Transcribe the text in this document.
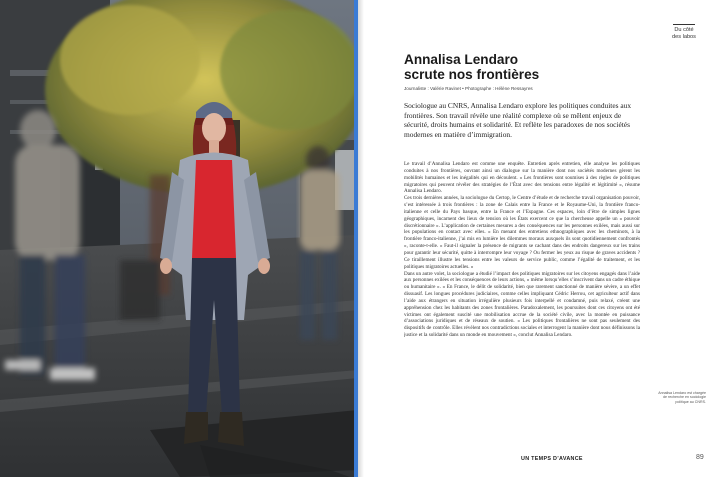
Du côté
des labos
Annalisa Lendaro
scrute nos frontières
Journaliste : Valérie Ravinet • Photographe : Hélène Ressayres

Sociologue au CNRS, Annalisa Lendaro explore les politiques conduites aux frontières. Son travail révèle une réalité complexe où se mêlent enjeux de sécurité, droits humains et solidarité. Et reflète les paradoxes de nos sociétés modernes en matière d’immigration.

Le travail d’Annalisa Lendaro est comme une enquête. Entretien après entretien, elle analyse les politiques conduites à nos frontières, ouvrant ainsi un dialogue sur la manière dont nos sociétés modernes gèrent les mobilités humaines et les inégalités qui en découlent. « Les frontières sont soumises à des règles de politiques migratoires qui peuvent révéler des stratégies de l’État avec des tensions entre légalité et légitimité », résume Annalisa Lendaro.

Ces trois dernières années, la sociologue du Certop, le Centre d’étude et de recherche travail organisation pouvoir, s’est intéressée à trois frontières : la zone de Calais entre la France et le Royaume-Uni, la frontière franco-italienne et celle du Pays basque, entre la France et l’Espagne. Ces espaces, loin d’être de simples lignes géographiques, incarnent des lieux de tension où les États exercent ce que la chercheuse appelle un « pouvoir discrétionnaire ». L’application de certaines mesures a des conséquences sur les personnes exilées, mais aussi sur les populations en contact avec elles. « En menant des entretiens ethnographiques avec les cheminots, à la frontière franco-italienne, j’ai mis en lumière les dilemmes moraux auxquels ils sont quotidiennement confrontés », raconte-t-elle. « Faut-il signaler la présence de migrants se cachant dans des endroits dangereux sur les trains pour garantir leur sécurité, quitte à interrompre leur voyage ? Ou fermer les yeux au risque de graves accidents ? Ce tiraillement illustre les tensions entre les valeurs de service public, comme l’égalité de traitement, et les politiques migratoires actuelles. »

Dans un autre volet, la sociologue a étudié l’impact des politiques migratoires sur les citoyens engagés dans l’aide aux personnes exilées et les conséquences de leurs actions, « même lorsqu’elles s’inscrivent dans un cadre éthique ou humanitaire ». « En France, le délit de solidarité, bien que rarement sanctionné de manière sévère, a un effet dissuasif. Les longues procédures judiciaires, comme celles impliquant Cédric Herrou, cet agriculteur actif dans l’aide aux étrangers en situation irrégulière plusieurs fois interpellé et condamné, puis relaxé, créent une appréhension chez les habitants des zones frontalières. Paradoxalement, les poursuites dont ces citoyens ont été victimes ont également suscité une mobilisation accrue de la société civile, avec la montée en puissance d’associations juridiques et de réseaux de soutien. « Les politiques frontalières ne sont pas seulement des dispositifs de contrôle. Elles révèlent nos contradictions sociales et interrogent la manière dont nous définissons la justice et la solidarité dans un monde en mouvement », conclut Annalisa Lendaro.

Annalisa Lendaro est chargée de recherche en sociologie politique au CNRS.
UN TEMPS D’AVANCE	89
